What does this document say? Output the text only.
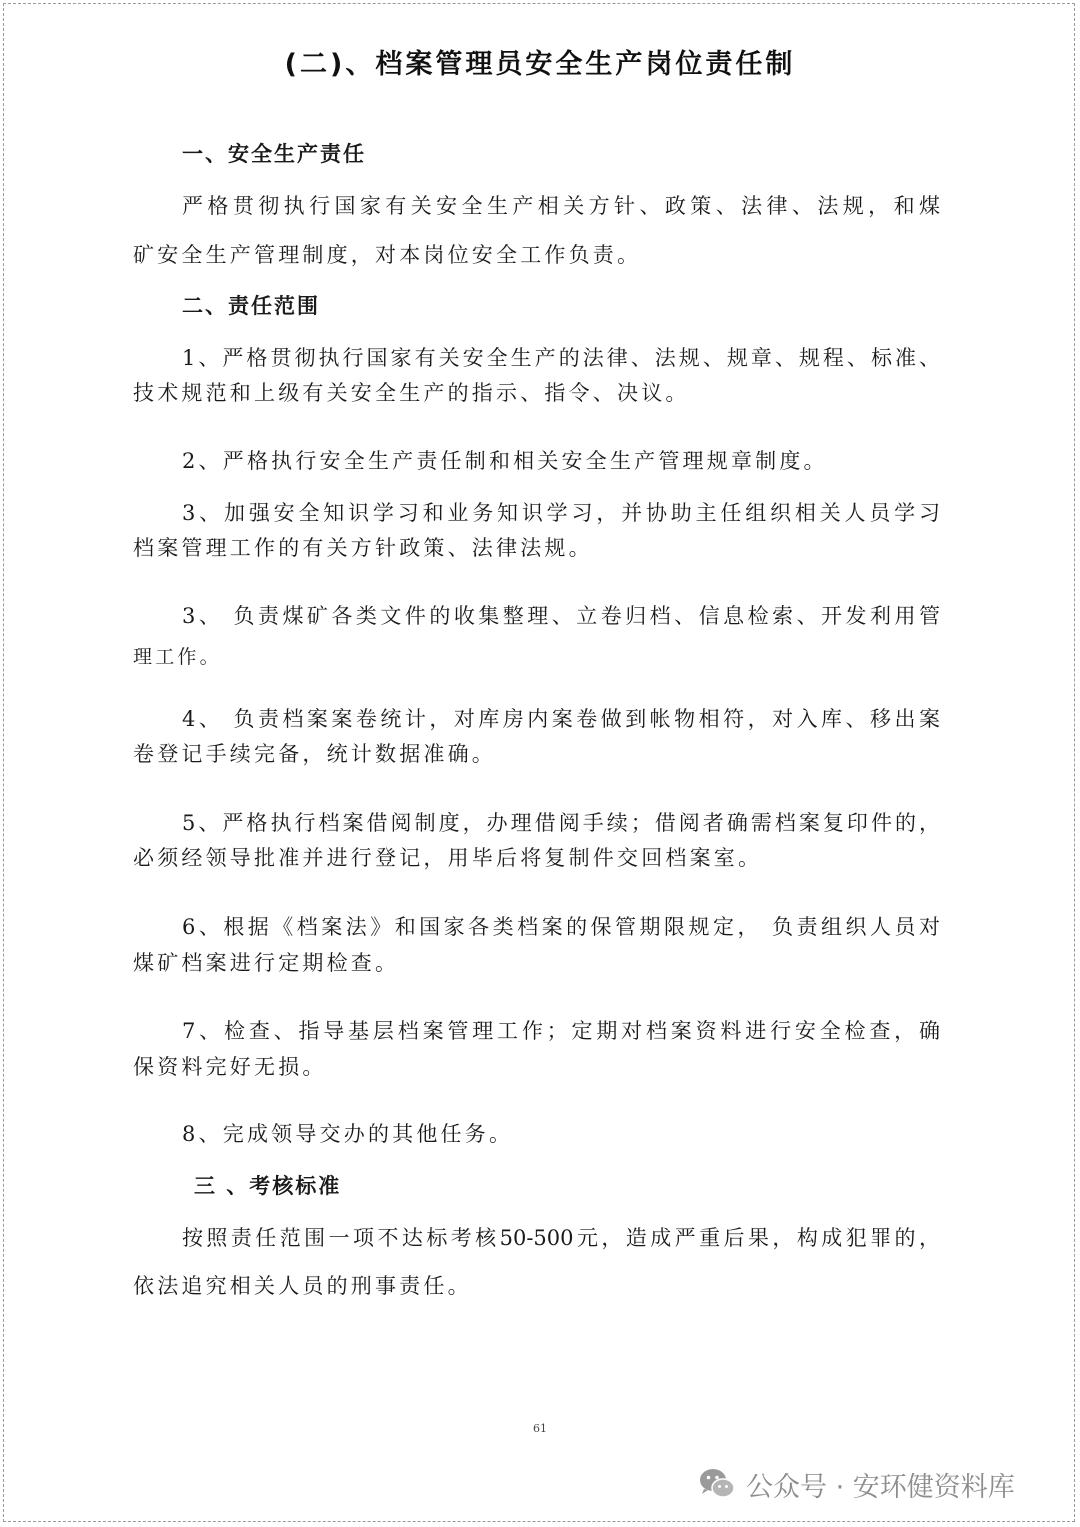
(二)、档案管理员安全生产岗位责任制
一、安全生产责任
严格贯彻执行国家有关安全生产相关方针、政策、法律、法规，和煤
矿安全生产管理制度，对本岗位安全工作负责。
二、责任范围
1、严格贯彻执行国家有关安全生产的法律、法规、规章、规程、标准、
技术规范和上级有关安全生产的指示、指令、决议。
2、严格执行安全生产责任制和相关安全生产管理规章制度。
3、加强安全知识学习和业务知识学习，并协助主任组织相关人员学习
档案管理工作的有关方针政策、法律法规。
3、 负责煤矿各类文件的收集整理、立卷归档、信息检索、开发利用管
理工作。
4、 负责档案案卷统计，对库房内案卷做到帐物相符，对入库、移出案
卷登记手续完备，统计数据准确。
5、严格执行档案借阅制度，办理借阅手续；借阅者确需档案复印件的，
必须经领导批准并进行登记，用毕后将复制件交回档案室。
6、根据《档案法》和国家各类档案的保管期限规定， 负责组织人员对
煤矿档案进行定期检查。
7、检查、指导基层档案管理工作；定期对档案资料进行安全检查，确
保资料完好无损。
8、完成领导交办的其他任务。
三 、考核标准
按照责任范围一项不达标考核50-500元，造成严重后果，构成犯罪的，
依法追究相关人员的刑事责任。
61
公众号 · 安环健资料库
